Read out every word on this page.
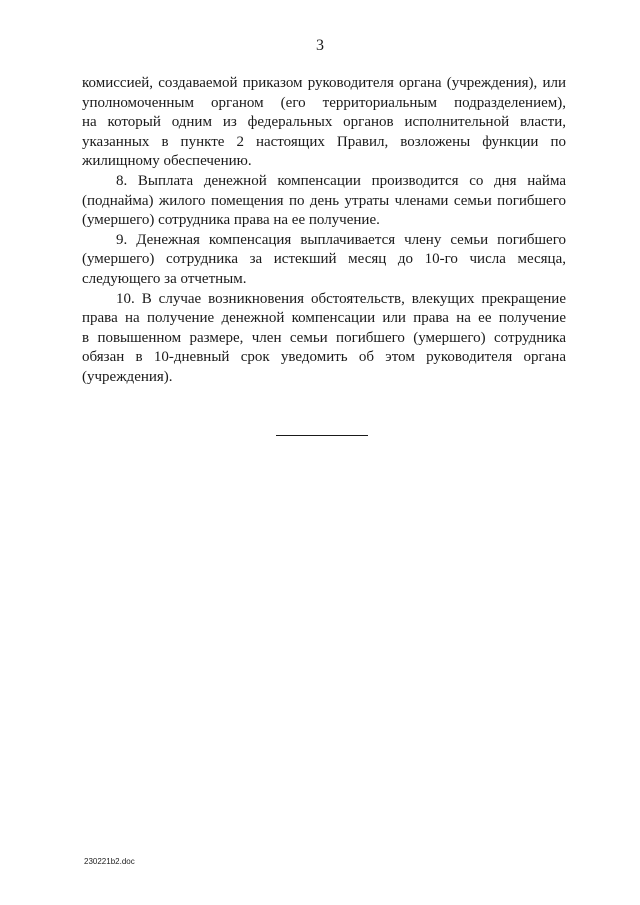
3

комиссией, создаваемой приказом руководителя органа (учреждения), или
уполномоченным органом (его территориальным подразделением),
на который одним из федеральных органов исполнительной власти,
указанных в пункте 2 настоящих Правил, возложены функции по
жилищному обеспечению.

8. Выплата денежной компенсации производится со дня найма
(поднайма) жилого помещения по день утраты членами семьи погибшего
(умершего) сотрудника права на ее получение.

9. Денежная компенсация выплачивается члену семьи погибшего
(умершего) сотрудника за истекший месяц до 10-го числа месяца,
следующего за отчетным.

10. В случае возникновения обстоятельств, влекущих прекращение
права на получение денежной компенсации или права на ее получение
в повышенном размере, член семьи погибшего (умершего) сотрудника
обязан в 10-дневный срок уведомить об этом руководителя органа
(учреждения).

230221b2.doc
